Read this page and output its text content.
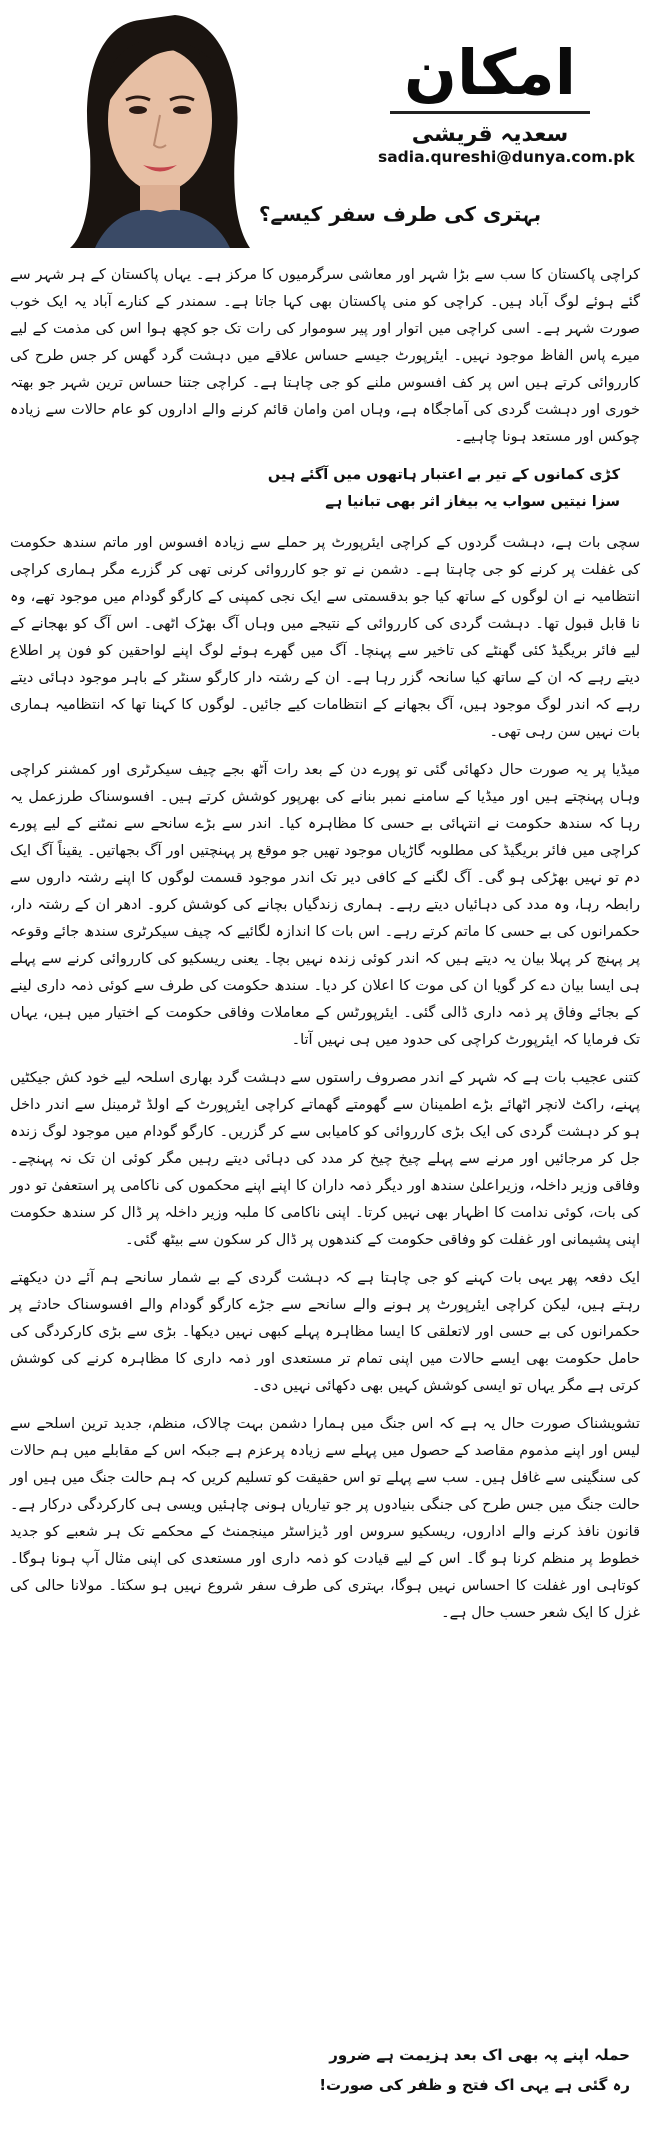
امکان
سعدیہ قریشی
sadia.qureshi@dunya.com.pk
بہتری کی طرف سفر کیسے؟

کراچی پاکستان کا سب سے بڑا شہر اور معاشی سرگرمیوں کا مرکز ہے۔ یہاں پاکستان کے ہر شہر سے گئے ہوئے لوگ آباد ہیں۔ کراچی کو منی پاکستان بھی کہا جاتا ہے۔ سمندر کے کنارے آباد یہ ایک خوب صورت شہر ہے۔ اسی کراچی میں اتوار اور پیر سوموار کی رات تک جو کچھ ہوا اس کی مذمت کے لیے میرے پاس الفاظ موجود نہیں۔ ایئرپورٹ جیسے حساس علاقے میں دہشت گرد گھس کر جس طرح کی کارروائی کرتے ہیں اس پر کف افسوس ملنے کو جی چاہتا ہے۔ کراچی جتنا حساس ترین شہر جو بھتہ خوری اور دہشت گردی کی آماجگاہ ہے، وہاں امن وامان قائم کرنے والے اداروں کو عام حالات سے زیادہ چوکس اور مستعد ہونا چاہیے۔

کڑی کمانوں کے تیر بے اعتبار ہاتھوں میں آگئے ہیں
سزا نیتیں سواب یہ بیغاز اثر بھی تبانیا ہے

سچی بات ہے، دہشت گردوں کے کراچی ایئرپورٹ پر حملے سے زیادہ افسوس اور ماتم سندھ حکومت کی غفلت پر کرنے کو جی چاہتا ہے۔ دشمن نے تو جو کارروائی کرنی تھی کر گزرے مگر ہماری کراچی انتظامیہ نے ان لوگوں کے ساتھ کیا جو بدقسمتی سے ایک نجی کمپنی کے کارگو گودام میں موجود تھے، وہ نا قابل قبول تھا۔ دہشت گردی کی کارروائی کے نتیجے میں وہاں آگ بھڑک اٹھی۔ اس آگ کو بھجانے کے لیے فائر بریگیڈ کئی گھنٹے کی تاخیر سے پہنچا۔ آگ میں گھرے ہوئے لوگ اپنے لواحقین کو فون پر اطلاع دیتے رہے کہ ان کے ساتھ کیا سانحہ گزر رہا ہے۔ ان کے رشتہ دار کارگو سنٹر کے باہر موجود دہائی دیتے رہے کہ اندر لوگ موجود ہیں، آگ بجھانے کے انتظامات کیے جائیں۔ لوگوں کا کہنا تھا کہ انتظامیہ ہماری بات نہیں سن رہی تھی۔

میڈیا پر یہ صورت حال دکھائی گئی تو پورے دن کے بعد رات آٹھ بجے چیف سیکرٹری اور کمشنر کراچی وہاں پہنچتے ہیں اور میڈیا کے سامنے نمبر بنانے کی بھرپور کوشش کرتے ہیں۔ افسوسناک طرزعمل یہ رہا کہ سندھ حکومت نے انتہائی بے حسی کا مظاہرہ کیا۔ اندر سے بڑے سانحے سے نمٹنے کے لیے پورے کراچی میں فائر بریگیڈ کی مطلوبہ گاڑیاں موجود تھیں جو موقع پر پہنچتیں اور آگ بجھاتیں۔ یقیناً آگ ایک دم تو نہیں بھڑکی ہو گی۔ آگ لگنے کے کافی دیر تک اندر موجود قسمت لوگوں کا اپنے رشتہ داروں سے رابطہ رہا، وہ مدد کی دہائیاں دیتے رہے۔ ہماری زندگیاں بچانے کی کوشش کرو۔ ادھر ان کے رشتہ دار، حکمرانوں کی بے حسی کا ماتم کرتے رہے۔ اس بات کا اندازہ لگائیے کہ چیف سیکرٹری سندھ جائے وقوعہ پر پہنچ کر پہلا بیان یہ دیتے ہیں کہ اندر کوئی زندہ نہیں بچا۔ یعنی ریسکیو کی کارروائی کرنے سے پہلے ہی ایسا بیان دے کر گویا ان کی موت کا اعلان کر دیا۔ سندھ حکومت کی طرف سے کوئی ذمہ داری لینے کے بجائے وفاق پر ذمہ داری ڈالی گئی۔ ایئرپورٹس کے معاملات وفاقی حکومت کے اختیار میں ہیں، یہاں تک فرمایا کہ ایئرپورٹ کراچی کی حدود میں ہی نہیں آتا۔

کتنی عجیب بات ہے کہ شہر کے اندر مصروف راستوں سے دہشت گرد بھاری اسلحہ لیے خود کش جیکٹیں پہنے، راکٹ لانچر اٹھائے بڑے اطمینان سے گھومتے گھماتے کراچی ایئرپورٹ کے اولڈ ٹرمینل سے اندر داخل ہو کر دہشت گردی کی ایک بڑی کارروائی کو کامیابی سے کر گزریں۔ کارگو گودام میں موجود لوگ زندہ جل کر مرجائیں اور مرنے سے پہلے چیخ چیخ کر مدد کی دہائی دیتے رہیں مگر کوئی ان تک نہ پہنچے۔ وفاقی وزیر داخلہ، وزیراعلیٰ سندھ اور دیگر ذمہ داران کا اپنے اپنے محکموں کی ناکامی پر استعفیٰ تو دور کی بات، کوئی ندامت کا اظہار بھی نہیں کرتا۔ اپنی ناکامی کا ملبہ وزیر داخلہ پر ڈال کر سندھ حکومت اپنی پشیمانی اور غفلت کو وفاقی حکومت کے کندھوں پر ڈال کر سکون سے بیٹھ گئی۔

ایک دفعہ پھر یہی بات کہنے کو جی چاہتا ہے کہ دہشت گردی کے بے شمار سانحے ہم آئے دن دیکھتے رہتے ہیں، لیکن کراچی ایئرپورٹ پر ہونے والے سانحے سے جڑے کارگو گودام والے افسوسناک حادثے پر حکمرانوں کی بے حسی اور لاتعلقی کا ایسا مظاہرہ پہلے کبھی نہیں دیکھا۔ بڑی سے بڑی کارکردگی کی حامل حکومت بھی ایسے حالات میں اپنی تمام تر مستعدی اور ذمہ داری کا مظاہرہ کرنے کی کوشش کرتی ہے مگر یہاں تو ایسی کوشش کہیں بھی دکھائی نہیں دی۔

تشویشناک صورت حال یہ ہے کہ اس جنگ میں ہمارا دشمن بہت چالاک، منظم، جدید ترین اسلحے سے لیس اور اپنے مذموم مقاصد کے حصول میں پہلے سے زیادہ پرعزم ہے جبکہ اس کے مقابلے میں ہم حالات کی سنگینی سے غافل ہیں۔ سب سے پہلے تو اس حقیقت کو تسلیم کریں کہ ہم حالت جنگ میں ہیں اور حالت جنگ میں جس طرح کی جنگی بنیادوں پر جو تیاریاں ہونی چاہئیں ویسی ہی کارکردگی درکار ہے۔ قانون نافذ کرنے والے اداروں، ریسکیو سروس اور ڈیزاسٹر مینجمنٹ کے محکمے تک ہر شعبے کو جدید خطوط پر منظم کرنا ہو گا۔ اس کے لیے قیادت کو ذمہ داری اور مستعدی کی اپنی مثال آپ ہونا ہوگا۔ کوتاہی اور غفلت کا احساس نہیں ہوگا، بہتری کی طرف سفر شروع نہیں ہو سکتا۔ مولانا حالی کی غزل کا ایک شعر حسب حال ہے۔

حملہ اپنے پہ بھی اک بعد ہزیمت ہے ضرور
رہ گئی ہے یہی اک فتح و ظفر کی صورت!
